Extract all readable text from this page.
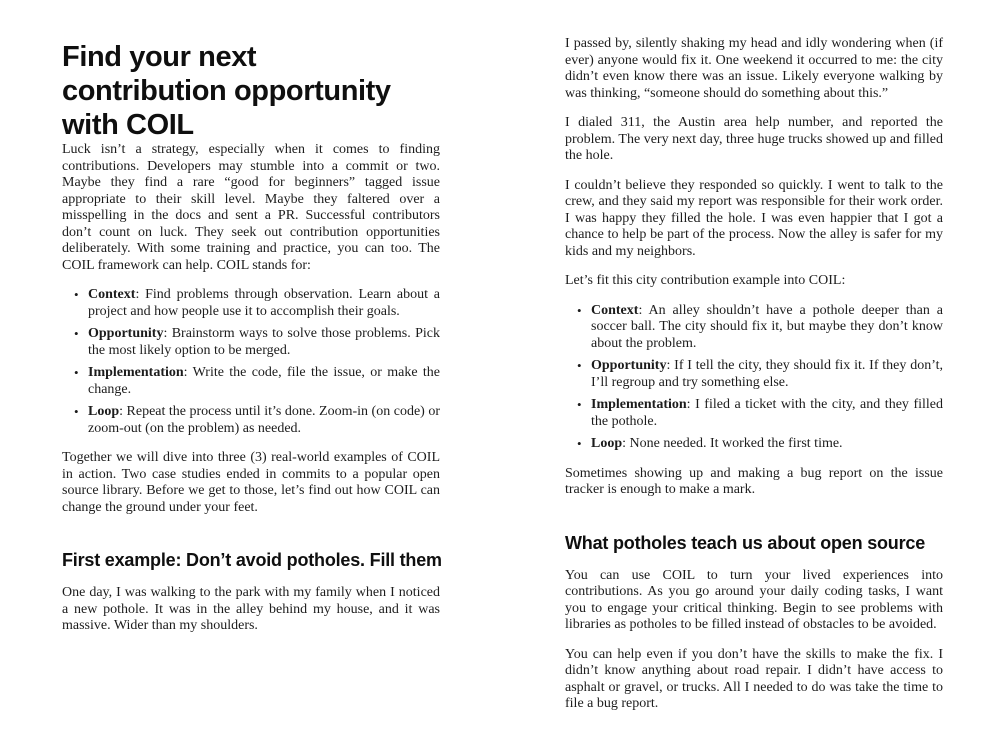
Find your next
contribution opportunity
with COIL

Luck isn’t a strategy, especially when it comes to finding contributions. Developers may stumble into a commit or two. Maybe they find a rare “good for beginners” tagged issue appropriate to their skill level. Maybe they faltered over a misspelling in the docs and sent a PR. Successful contributors don’t count on luck. They seek out contribution opportunities deliberately. With some training and practice, you can too. The COIL framework can help. COIL stands for:

• Context: Find problems through observation. Learn about a project and how people use it to accomplish their goals.
• Opportunity: Brainstorm ways to solve those problems. Pick the most likely option to be merged.
• Implementation: Write the code, file the issue, or make the change.
• Loop: Repeat the process until it’s done. Zoom-in (on code) or zoom-out (on the problem) as needed.

Together we will dive into three (3) real-world examples of COIL in action. Two case studies ended in commits to a popular open source library. Before we get to those, let’s find out how COIL can change the ground under your feet.

First example: Don’t avoid potholes. Fill them

One day, I was walking to the park with my family when I noticed a new pothole. It was in the alley behind my house, and it was massive. Wider than my shoulders.

I passed by, silently shaking my head and idly wondering when (if ever) anyone would fix it. One weekend it occurred to me: the city didn’t even know there was an issue. Likely everyone walking by was thinking, “someone should do something about this.”

I dialed 311, the Austin area help number, and reported the problem. The very next day, three huge trucks showed up and filled the hole.

I couldn’t believe they responded so quickly. I went to talk to the crew, and they said my report was responsible for their work order. I was happy they filled the hole. I was even happier that I got a chance to help be part of the process. Now the alley is safer for my kids and my neighbors.

Let’s fit this city contribution example into COIL:

• Context: An alley shouldn’t have a pothole deeper than a soccer ball. The city should fix it, but maybe they don’t know about the problem.
• Opportunity: If I tell the city, they should fix it. If they don’t, I’ll regroup and try something else.
• Implementation: I filed a ticket with the city, and they filled the pothole.
• Loop: None needed. It worked the first time.

Sometimes showing up and making a bug report on the issue tracker is enough to make a mark.

What potholes teach us about open source

You can use COIL to turn your lived experiences into contributions. As you go around your daily coding tasks, I want you to engage your critical thinking. Begin to see problems with libraries as potholes to be filled instead of obstacles to be avoided.

You can help even if you don’t have the skills to make the fix. I didn’t know anything about road repair. I didn’t have access to asphalt or gravel, or trucks. All I needed to do was take the time to file a bug report.
